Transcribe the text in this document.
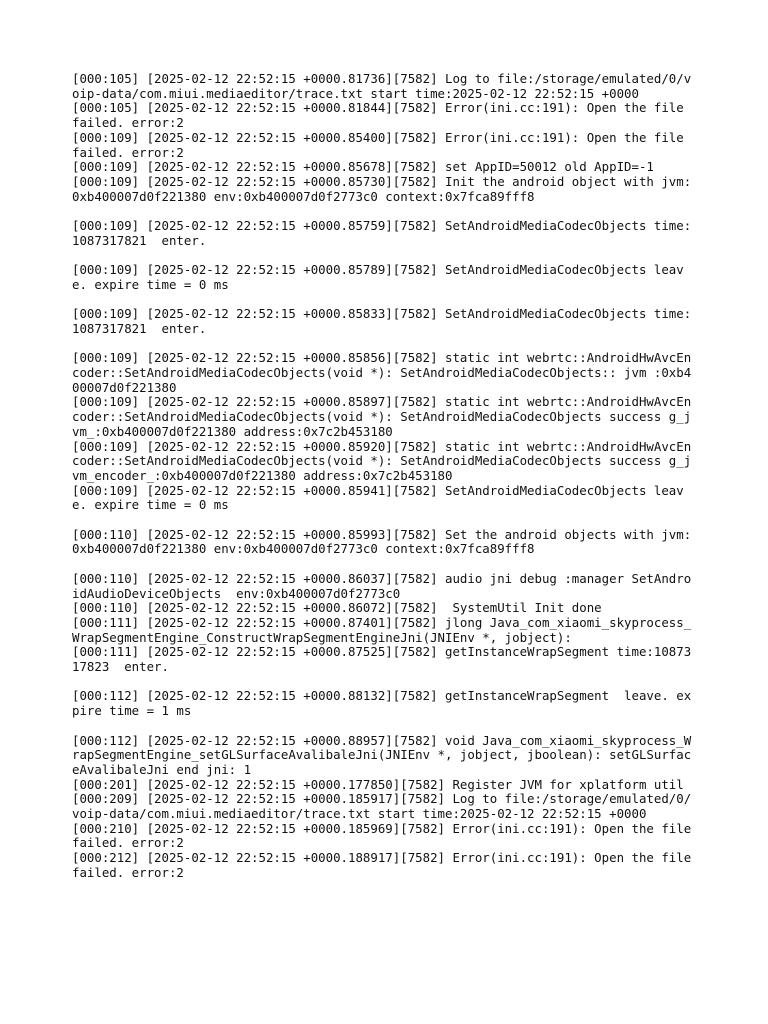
[000:105] [2025-02-12 22:52:15 +0000.81736][7582] Log to file:/storage/emulated/0/voip-data/com.miui.mediaeditor/trace.txt start time:2025-02-12 22:52:15 +0000

[000:105] [2025-02-12 22:52:15 +0000.81844][7582] Error(ini.cc:191): Open the file failed. error:2

[000:109] [2025-02-12 22:52:15 +0000.85400][7582] Error(ini.cc:191): Open the file failed. error:2

[000:109] [2025-02-12 22:52:15 +0000.85678][7582] set AppID=50012 old AppID=-1

[000:109] [2025-02-12 22:52:15 +0000.85730][7582] Init the android object with jvm:0xb400007d0f221380 env:0xb400007d0f2773c0 context:0x7fca89fff8

[000:109] [2025-02-12 22:52:15 +0000.85759][7582] SetAndroidMediaCodecObjects time:1087317821  enter.

[000:109] [2025-02-12 22:52:15 +0000.85789][7582] SetAndroidMediaCodecObjects leave. expire time = 0 ms

[000:109] [2025-02-12 22:52:15 +0000.85833][7582] SetAndroidMediaCodecObjects time:1087317821  enter.

[000:109] [2025-02-12 22:52:15 +0000.85856][7582] static int webrtc::AndroidHwAvcEncoder::SetAndroidMediaCodecObjects(void *): SetAndroidMediaCodecObjects:: jvm :0xb400007d0f221380

[000:109] [2025-02-12 22:52:15 +0000.85897][7582] static int webrtc::AndroidHwAvcEncoder::SetAndroidMediaCodecObjects(void *): SetAndroidMediaCodecObjects success g_jvm_:0xb400007d0f221380 address:0x7c2b453180

[000:109] [2025-02-12 22:52:15 +0000.85920][7582] static int webrtc::AndroidHwAvcEncoder::SetAndroidMediaCodecObjects(void *): SetAndroidMediaCodecObjects success g_jvm_encoder_:0xb400007d0f221380 address:0x7c2b453180

[000:109] [2025-02-12 22:52:15 +0000.85941][7582] SetAndroidMediaCodecObjects leave. expire time = 0 ms

[000:110] [2025-02-12 22:52:15 +0000.85993][7582] Set the android objects with jvm:0xb400007d0f221380 env:0xb400007d0f2773c0 context:0x7fca89fff8

[000:110] [2025-02-12 22:52:15 +0000.86037][7582] audio jni debug :manager SetAndroidAudioDeviceObjects  env:0xb400007d0f2773c0

[000:110] [2025-02-12 22:52:15 +0000.86072][7582]  SystemUtil Init done

[000:111] [2025-02-12 22:52:15 +0000.87401][7582] jlong Java_com_xiaomi_skyprocess_WrapSegmentEngine_ConstructWrapSegmentEngineJni(JNIEnv *, jobject):

[000:111] [2025-02-12 22:52:15 +0000.87525][7582] getInstanceWrapSegment time:1087317823  enter.

[000:112] [2025-02-12 22:52:15 +0000.88132][7582] getInstanceWrapSegment  leave. expire time = 1 ms

[000:112] [2025-02-12 22:52:15 +0000.88957][7582] void Java_com_xiaomi_skyprocess_WrapSegmentEngine_setGLSurfaceAvalibaleJni(JNIEnv *, jobject, jboolean): setGLSurfaceAvalibaleJni end jni: 1

[000:201] [2025-02-12 22:52:15 +0000.177850][7582] Register JVM for xplatform util

[000:209] [2025-02-12 22:52:15 +0000.185917][7582] Log to file:/storage/emulated/0/voip-data/com.miui.mediaeditor/trace.txt start time:2025-02-12 22:52:15 +0000

[000:210] [2025-02-12 22:52:15 +0000.185969][7582] Error(ini.cc:191): Open the file failed. error:2

[000:212] [2025-02-12 22:52:15 +0000.188917][7582] Error(ini.cc:191): Open the file failed. error:2
